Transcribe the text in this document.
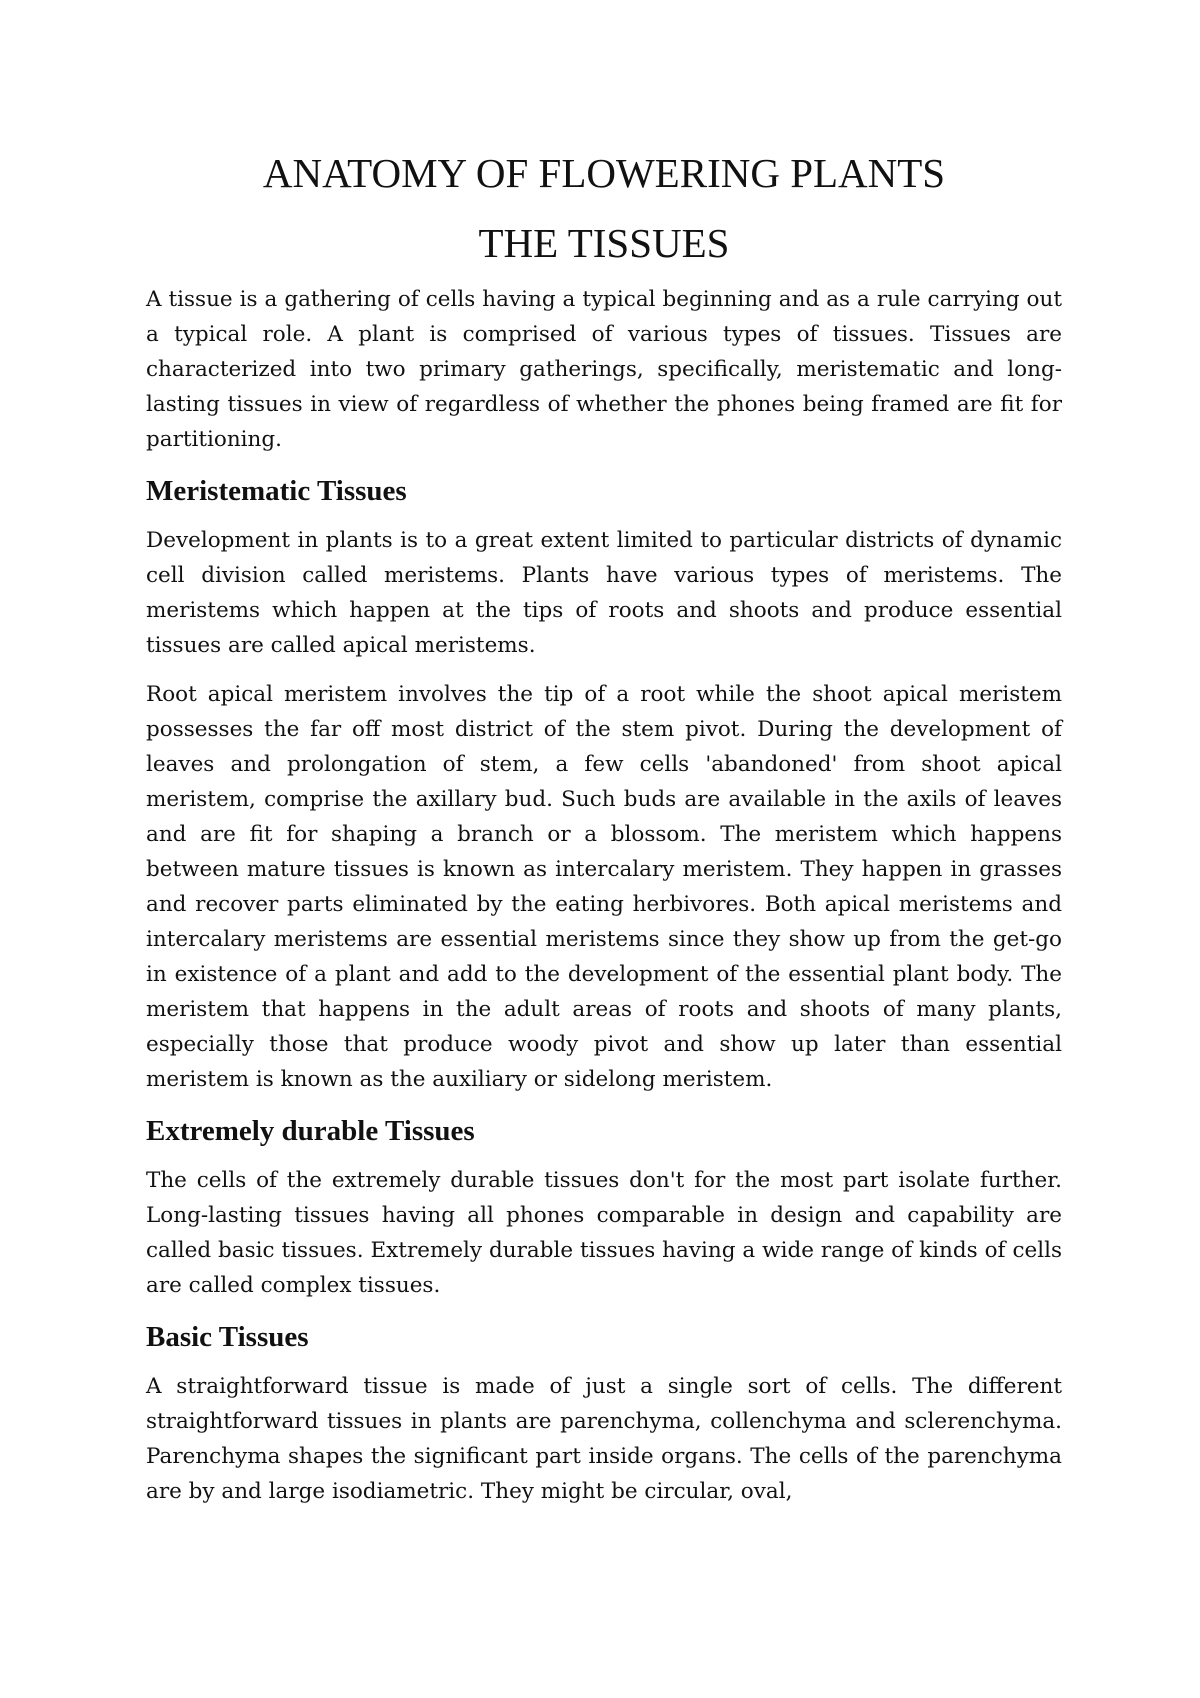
ANATOMY OF FLOWERING PLANTS
THE TISSUES

A tissue is a gathering of cells having a typical beginning and as a rule carrying out a typical role. A plant is comprised of various types of tissues. Tissues are characterized into two primary gatherings, specifically, meristematic and long-lasting tissues in view of regardless of whether the phones being framed are fit for partitioning.

Meristematic Tissues

Development in plants is to a great extent limited to particular districts of dynamic cell division called meristems. Plants have various types of meristems. The meristems which happen at the tips of roots and shoots and produce essential tissues are called apical meristems.

Root apical meristem involves the tip of a root while the shoot apical meristem possesses the far off most district of the stem pivot. During the development of leaves and prolongation of stem, a few cells 'abandoned' from shoot apical meristem, comprise the axillary bud. Such buds are available in the axils of leaves and are fit for shaping a branch or a blossom. The meristem which happens between mature tissues is known as intercalary meristem. They happen in grasses and recover parts eliminated by the eating herbivores. Both apical meristems and intercalary meristems are essential meristems since they show up from the get-go in existence of a plant and add to the development of the essential plant body. The meristem that happens in the adult areas of roots and shoots of many plants, especially those that produce woody pivot and show up later than essential meristem is known as the auxiliary or sidelong meristem.

Extremely durable Tissues

The cells of the extremely durable tissues don't for the most part isolate further. Long-lasting tissues having all phones comparable in design and capability are called basic tissues. Extremely durable tissues having a wide range of kinds of cells are called complex tissues.

Basic Tissues

A straightforward tissue is made of just a single sort of cells. The different straightforward tissues in plants are parenchyma, collenchyma and sclerenchyma. Parenchyma shapes the significant part inside organs. The cells of the parenchyma are by and large isodiametric. They might be circular, oval,
